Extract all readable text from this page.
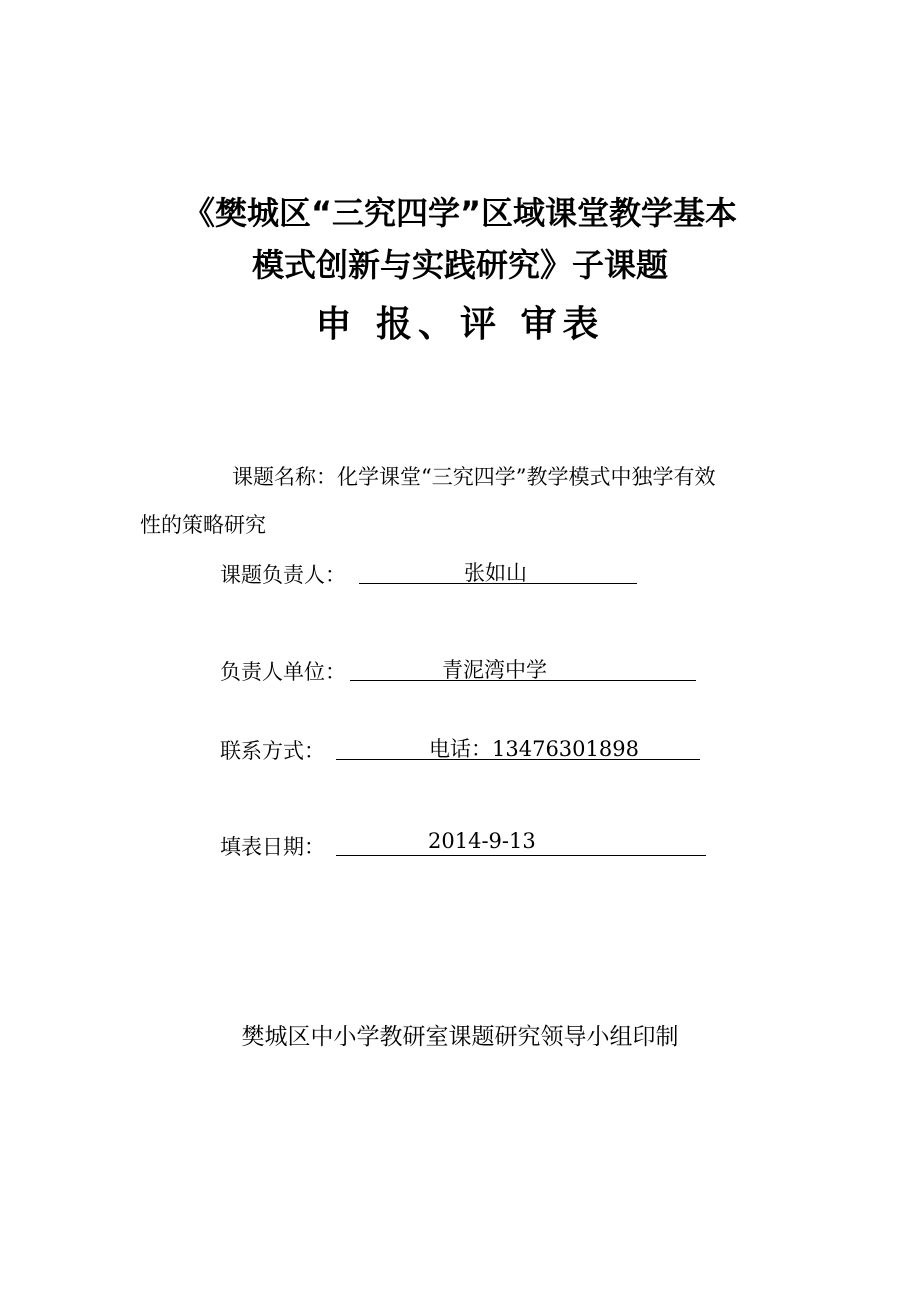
《樊城区“三究四学”区域课堂教学基本
模式创新与实践研究》子课题
申 报、评 审表
课题名称：化学课堂“三究四学”教学模式中独学有效
性的策略研究
课题负责人：	张如山
负责人单位：	青泥湾中学
联系方式：	电话：13476301898
填表日期：	2014-9-13
樊城区中小学教研室课题研究领导小组印制
